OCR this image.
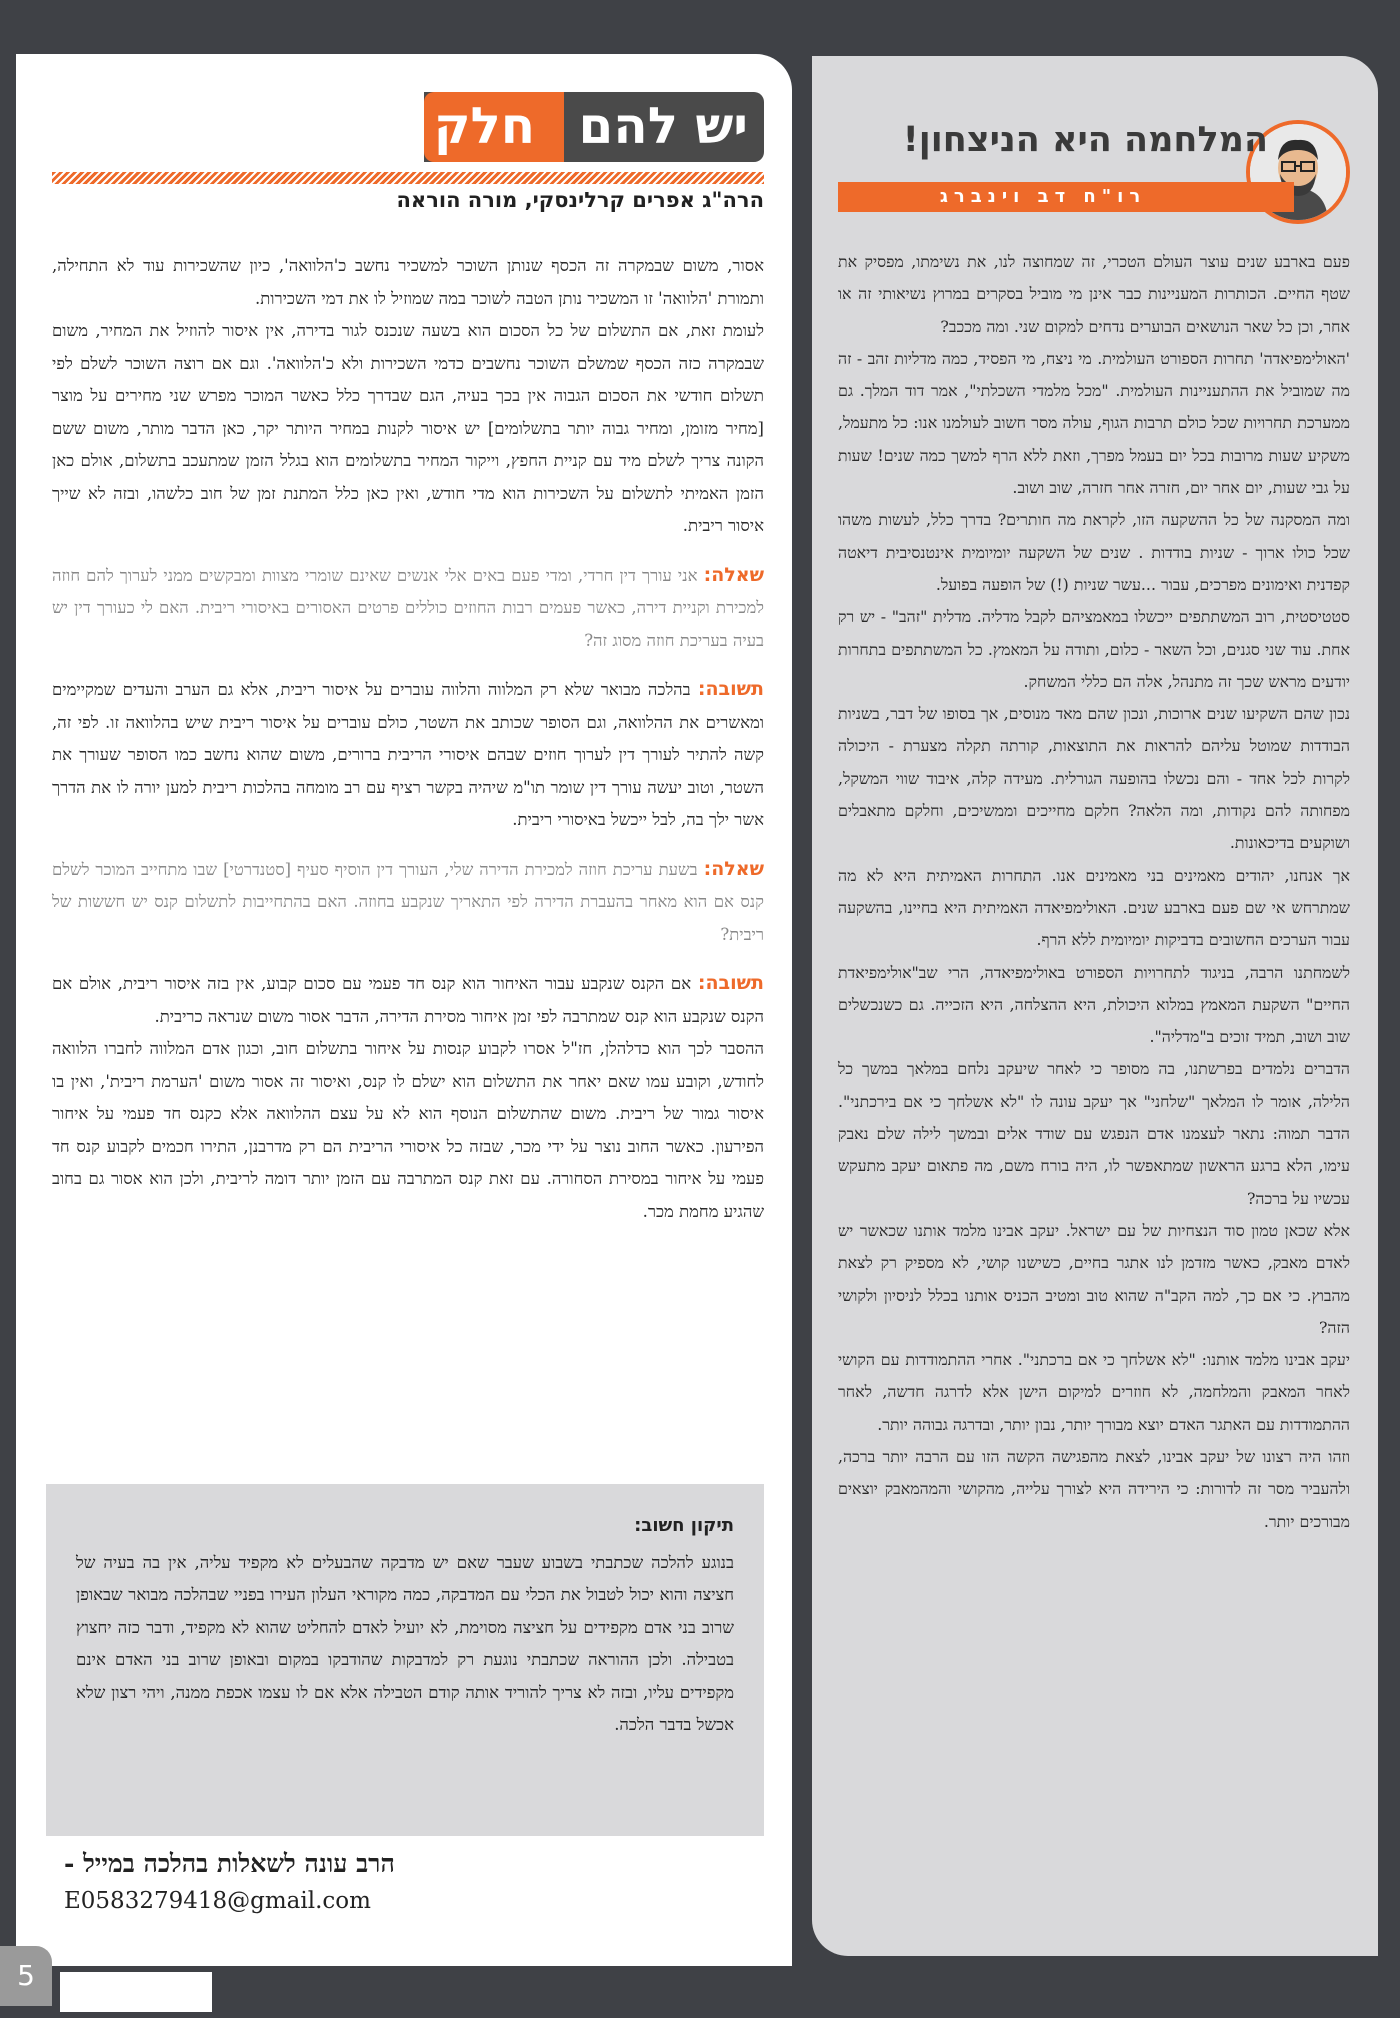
יש להם חלק
הרה"ג אפרים קרלינסקי, מורה הוראה

אסור, משום שבמקרה זה הכסף שנותן השוכר למשכיר נחשב כ'הלוואה', כיון שהשכירות עוד לא התחילה, ותמורת 'הלוואה' זו המשכיר נותן הטבה לשוכר במה שמוזיל לו את דמי השכירות.

לעומת זאת, אם התשלום של כל הסכום הוא בשעה שנכנס לגור בדירה, אין איסור להוזיל את המחיר, משום שבמקרה כזה הכסף שמשלם השוכר נחשבים כדמי השכירות ולא כ'הלוואה'. וגם אם רוצה השוכר לשלם לפי תשלום חודשי את הסכום הגבוה אין בכך בעיה, הגם שבדרך כלל כאשר המוכר מפרש שני מחירים על מוצר [מחיר מזומן, ומחיר גבוה יותר בתשלומים] יש איסור לקנות במחיר היותר יקר, כאן הדבר מותר, משום ששם הקונה צריך לשלם מיד עם קניית החפץ, וייקור המחיר בתשלומים הוא בגלל הזמן שמתעכב בתשלום, אולם כאן הזמן האמיתי לתשלום על השכירות הוא מדי חודש, ואין כאן כלל המתנת זמן של חוב כלשהו, ובזה לא שייך איסור ריבית.

שאלה: אני עורך דין חרדי, ומדי פעם באים אלי אנשים שאינם שומרי מצוות ומבקשים ממני לערוך להם חוזה למכירת וקניית דירה, כאשר פעמים רבות החוזים כוללים פרטים האסורים באיסורי ריבית. האם לי כעורך דין יש בעיה בעריכת חוזה מסוג זה?

תשובה: בהלכה מבואר שלא רק המלווה והלווה עוברים על איסור ריבית, אלא גם הערב והעדים שמקיימים ומאשרים את ההלוואה, וגם הסופר שכותב את השטר, כולם עוברים על איסור ריבית שיש בהלוואה זו. לפי זה, קשה להתיר לעורך דין לערוך חוזים שבהם איסורי הריבית ברורים, משום שהוא נחשב כמו הסופר שעורך את השטר, וטוב יעשה עורך דין שומר תו"מ שיהיה בקשר רציף עם רב מומחה בהלכות ריבית למען יורה לו את הדרך אשר ילך בה, לבל ייכשל באיסורי ריבית.

שאלה: בשעת עריכת חוזה למכירת הדירה שלי, העורך דין הוסיף סעיף [סטנדרטי] שבו מתחייב המוכר לשלם קנס אם הוא מאחר בהעברת הדירה לפי התאריך שנקבע בחוזה. האם בהתחייבות לתשלום קנס יש חששות של ריבית?

תשובה: אם הקנס שנקבע עבור האיחור הוא קנס חד פעמי עם סכום קבוע, אין בזה איסור ריבית, אולם אם הקנס שנקבע הוא קנס שמתרבה לפי זמן איחור מסירת הדירה, הדבר אסור משום שנראה כריבית.

ההסבר לכך הוא כדלהלן, חז"ל אסרו לקבוע קנסות על איחור בתשלום חוב, וכגון אדם המלווה לחברו הלוואה לחודש, וקובע עמו שאם יאחר את התשלום הוא ישלם לו קנס, ואיסור זה אסור משום 'הערמת ריבית', ואין בו איסור גמור של ריבית. משום שהתשלום הנוסף הוא לא על עצם ההלוואה אלא כקנס חד פעמי על איחור הפירעון. כאשר החוב נוצר על ידי מכר, שבזה כל איסורי הריבית הם רק מדרבנן, התירו חכמים לקבוע קנס חד פעמי על איחור במסירת הסחורה. עם זאת קנס המתרבה עם הזמן יותר דומה לריבית, ולכן הוא אסור גם בחוב שהגיע מחמת מכר.

תיקון חשוב:
בנוגע להלכה שכתבתי בשבוע שעבר שאם יש מדבקה שהבעלים לא מקפיד עליה, אין בה בעיה של חציצה והוא יכול לטבול את הכלי עם המדבקה, כמה מקוראי העלון העירו בפניי שבהלכה מבואר שבאופן שרוב בני אדם מקפידים על חציצה מסוימת, לא יועיל לאדם להחליט שהוא לא מקפיד, ודבר כזה יחצוץ בטבילה. ולכן ההוראה שכתבתי נוגעת רק למדבקות שהודבקו במקום ובאופן שרוב בני האדם אינם מקפידים עליו, ובזה לא צריך להוריד אותה קודם הטבילה אלא אם לו עצמו אכפת ממנה, ויהי רצון שלא אכשל בדבר הלכה.
הרב עונה לשאלות בהלכה במייל -
E0583279418@gmail.com
המלחמה היא הניצחון!
רו"ח דב וינברג

פעם בארבע שנים עוצר העולם הטכרי, זה שמחוצה לנו, את נשימתו, מפסיק את שטף החיים. הכותרות המעניינות כבר אינן מי מוביל בסקרים במרוץ נשיאותי זה או אחר, וכן כל שאר הנושאים הבוערים נדחים למקום שני. ומה מככב?

'האולימפיאדה' תחרות הספורט העולמית. מי ניצח, מי הפסיד, כמה מדליות זהב - זה מה שמוביל את ההתעניינות העולמית. "מכל מלמדי השכלתי", אמר דוד המלך. גם ממערכת תחרויות שכל כולם תרבות הגוף, עולה מסר חשוב לעולמנו אנו: כל מתעמל, משקיע שעות מרובות בכל יום בעמל מפרך, וזאת ללא הרף למשך כמה שנים! שעות על גבי שעות, יום אחר יום, חזרה אחר חזרה, שוב ושוב.

ומה המסקנה של כל ההשקעה הזו, לקראת מה חותרים? בדרך כלל, לעשות משהו שכל כולו ארוך - שניות בודדות . שנים של השקעה יומיומית אינטנסיבית דיאטה קפדנית ואימונים מפרכים, עבור ...עשר שניות (!) של הופעה בפועל.

סטטיסטית, רוב המשתתפים ייכשלו במאמציהם לקבל מדליה. מדלית "זהב" - יש רק אחת. עוד שני סגנים, וכל השאר - כלום, ותודה על המאמץ. כל המשתתפים בתחרות יודעים מראש שכך זה מתנהל, אלה הם כללי המשחק.

נכון שהם השקיעו שנים ארוכות, ונכון שהם מאד מנוסים, אך בסופו של דבר, בשניות הבודדות שמוטל עליהם להראות את התוצאות, קורתה תקלה מצערת - היכולה לקרות לכל אחד - והם נכשלו בהופעה הגורלית. מעידה קלה, איבוד שווי המשקל, מפחותה להם נקודות, ומה הלאה? חלקם מחייכים וממשיכים, וחלקם מתאבלים ושוקעים בדיכאונות.

אך אנחנו, יהודים מאמינים בני מאמינים אנו. התחרות האמיתית היא לא מה שמתרחש אי שם פעם בארבע שנים. האולימפיאדה האמיתית היא בחיינו, בהשקעה עבור הערכים החשובים בדביקות יומיומית ללא הרף.

לשמחתנו הרבה, בניגוד לתחרויות הספורט באולימפיאדה, הרי שב"אולימפיאדת החיים" השקעת המאמץ במלוא היכולת, היא ההצלחה, היא הזכייה. גם כשנכשלים שוב ושוב, תמיד זוכים ב"מדליה".

הדברים נלמדים בפרשתנו, בה מסופר כי לאחר שיעקב נלחם במלאך במשך כל הלילה, אומר לו המלאך "שלחני" אך יעקב עונה לו "לא אשלחך כי אם בירכתני". הדבר תמוה: נתאר לעצמנו אדם הנפגש עם שודד אלים ובמשך לילה שלם נאבק עימו, הלא ברגע הראשון שמתאפשר לו, היה בורח משם, מה פתאום יעקב מתעקש עכשיו על ברכה?

אלא שכאן טמון סוד הנצחיות של עם ישראל. יעקב אבינו מלמד אותנו שכאשר יש לאדם מאבק, כאשר מזדמן לנו אתגר בחיים, כשישנו קושי, לא מספיק רק לצאת מהבוץ. כי אם כך, למה הקב"ה שהוא טוב ומטיב הכניס אותנו בכלל לניסיון ולקושי הזה?

יעקב אבינו מלמד אותנו: "לא אשלחך כי אם ברכתני". אחרי ההתמודדות עם הקושי לאחר המאבק והמלחמה, לא חוזרים למיקום הישן אלא לדרגה חדשה, לאחר ההתמודדות עם האתגר האדם יוצא מבורך יותר, נבון יותר, ובדרגה גבוהה יותר.

וזהו היה רצונו של יעקב אבינו, לצאת מהפגישה הקשה הזו עם הרבה יותר ברכה, ולהעביר מסר זה לדורות: כי הירידה היא לצורך עלייה, מהקושי והמהמאבק יוצאים מבורכים יותר.

5
